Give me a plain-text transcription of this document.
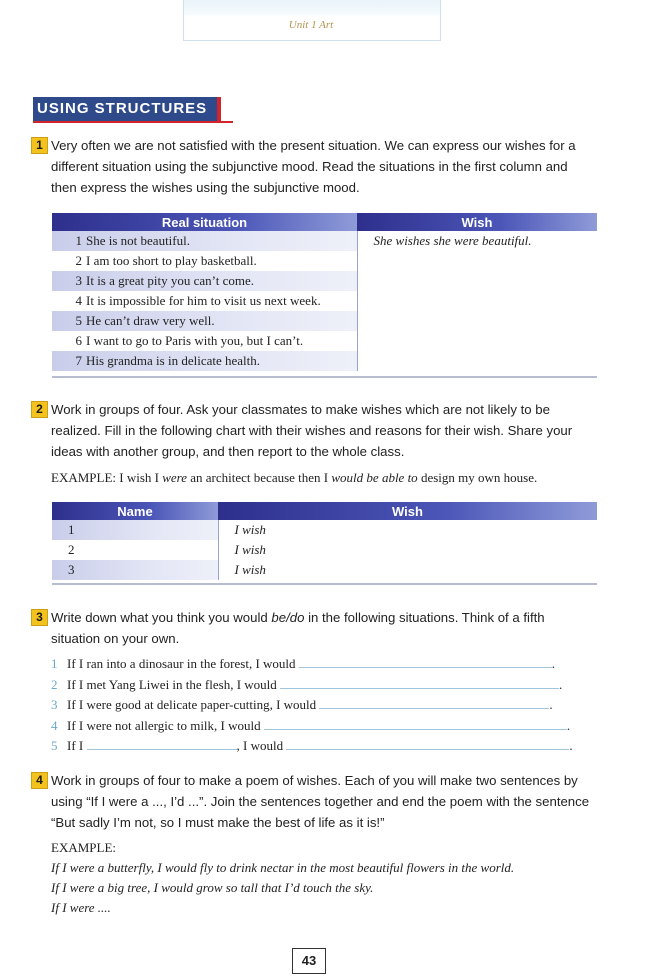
Unit 1 Art
USING STRUCTURES
1 Very often we are not satisfied with the present situation. We can express our wishes for a different situation using the subjunctive mood. Read the situations in the first column and then express the wishes using the subjunctive mood.
Real situation	Wish
1 She is not beautiful.	She wishes she were beautiful.
2 I am too short to play basketball.	
3 It is a great pity you can’t come.	
4 It is impossible for him to visit us next week.	
5 He can’t draw very well.	
6 I want to go to Paris with you, but I can’t.	
7 His grandma is in delicate health.	
2 Work in groups of four. Ask your classmates to make wishes which are not likely to be realized. Fill in the following chart with their wishes and reasons for their wish. Share your ideas with another group, and then report to the whole class.
EXAMPLE: I wish I were an architect because then I would be able to design my own house.
Name	Wish
1	I wish
2	I wish
3	I wish
3 Write down what you think you would be/do in the following situations. Think of a fifth situation on your own.
1 If I ran into a dinosaur in the forest, I would	.
2 If I met Yang Liwei in the flesh, I would	.
3 If I were good at delicate paper-cutting, I would	.
4 If I were not allergic to milk, I would	.
5 If I	, I would	.
4 Work in groups of four to make a poem of wishes. Each of you will make two sentences by using “If I were a ..., I’d ...”. Join the sentences together and end the poem with the sentence “But sadly I’m not, so I must make the best of life as it is!”
EXAMPLE:
If I were a butterfly, I would fly to drink nectar in the most beautiful flowers in the world.
If I were a big tree, I would grow so tall that I’d touch the sky.
If I were ....
43
